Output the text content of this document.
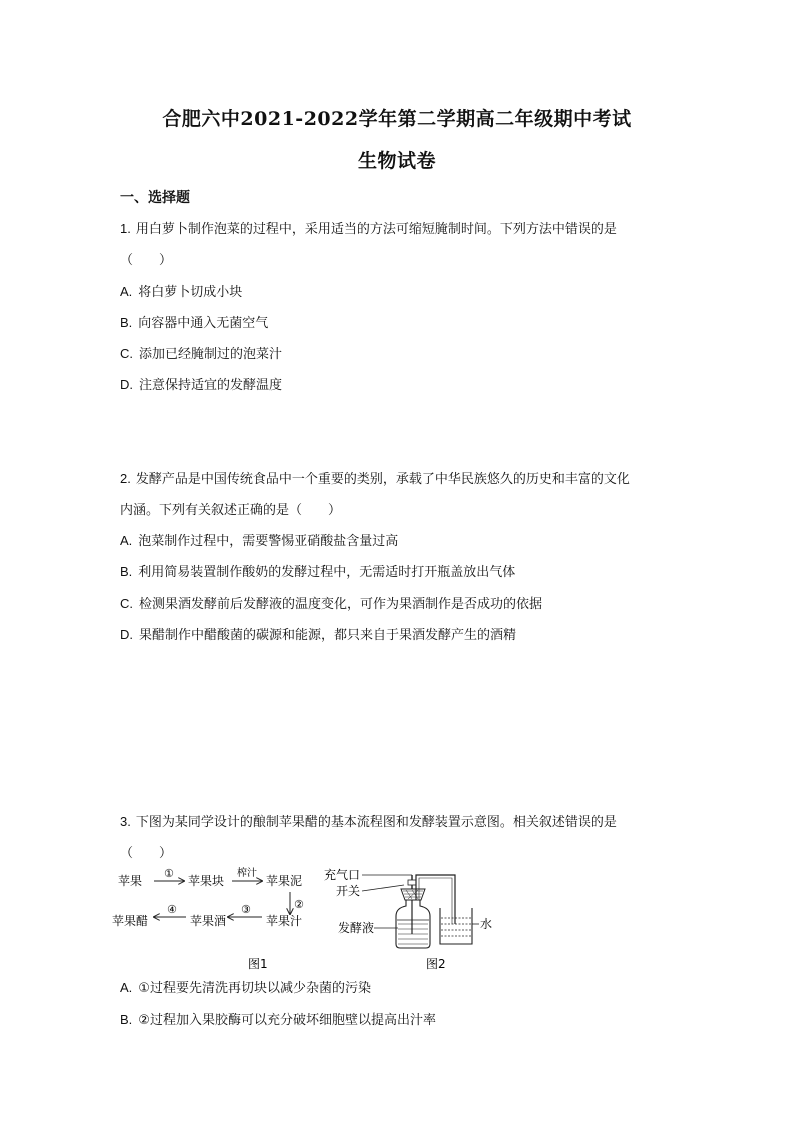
合肥六中2021-2022学年第二学期高二年级期中考试
生物试卷
一、选择题
1. 用白萝卜制作泡菜的过程中，采用适当的方法可缩短腌制时间。下列方法中错误的是
（　　）
A. 将白萝卜切成小块
B. 向容器中通入无菌空气
C. 添加已经腌制过的泡菜汁
D. 注意保持适宜的发酵温度
2. 发酵产品是中国传统食品中一个重要的类别，承载了中华民族悠久的历史和丰富的文化
内涵。下列有关叙述正确的是（　　）
A. 泡菜制作过程中，需要警惕亚硝酸盐含量过高
B. 利用简易装置制作酸奶的发酵过程中，无需适时打开瓶盖放出气体
C. 检测果酒发酵前后发酵液的温度变化，可作为果酒制作是否成功的依据
D. 果醋制作中醋酸菌的碳源和能源，都只来自于果酒发酵产生的酒精
3. 下图为某同学设计的酿制苹果醋的基本流程图和发酵装置示意图。相关叙述错误的是
（　　）
苹果
①
苹果块
榨汁
苹果泥
②
苹果汁
③
苹果酒
④
苹果醋
图1
充气口
开关
发酵液	水
图2
A. ①过程要先清洗再切块以减少杂菌的污染
B. ②过程加入果胶酶可以充分破坏细胞壁以提高出汁率
